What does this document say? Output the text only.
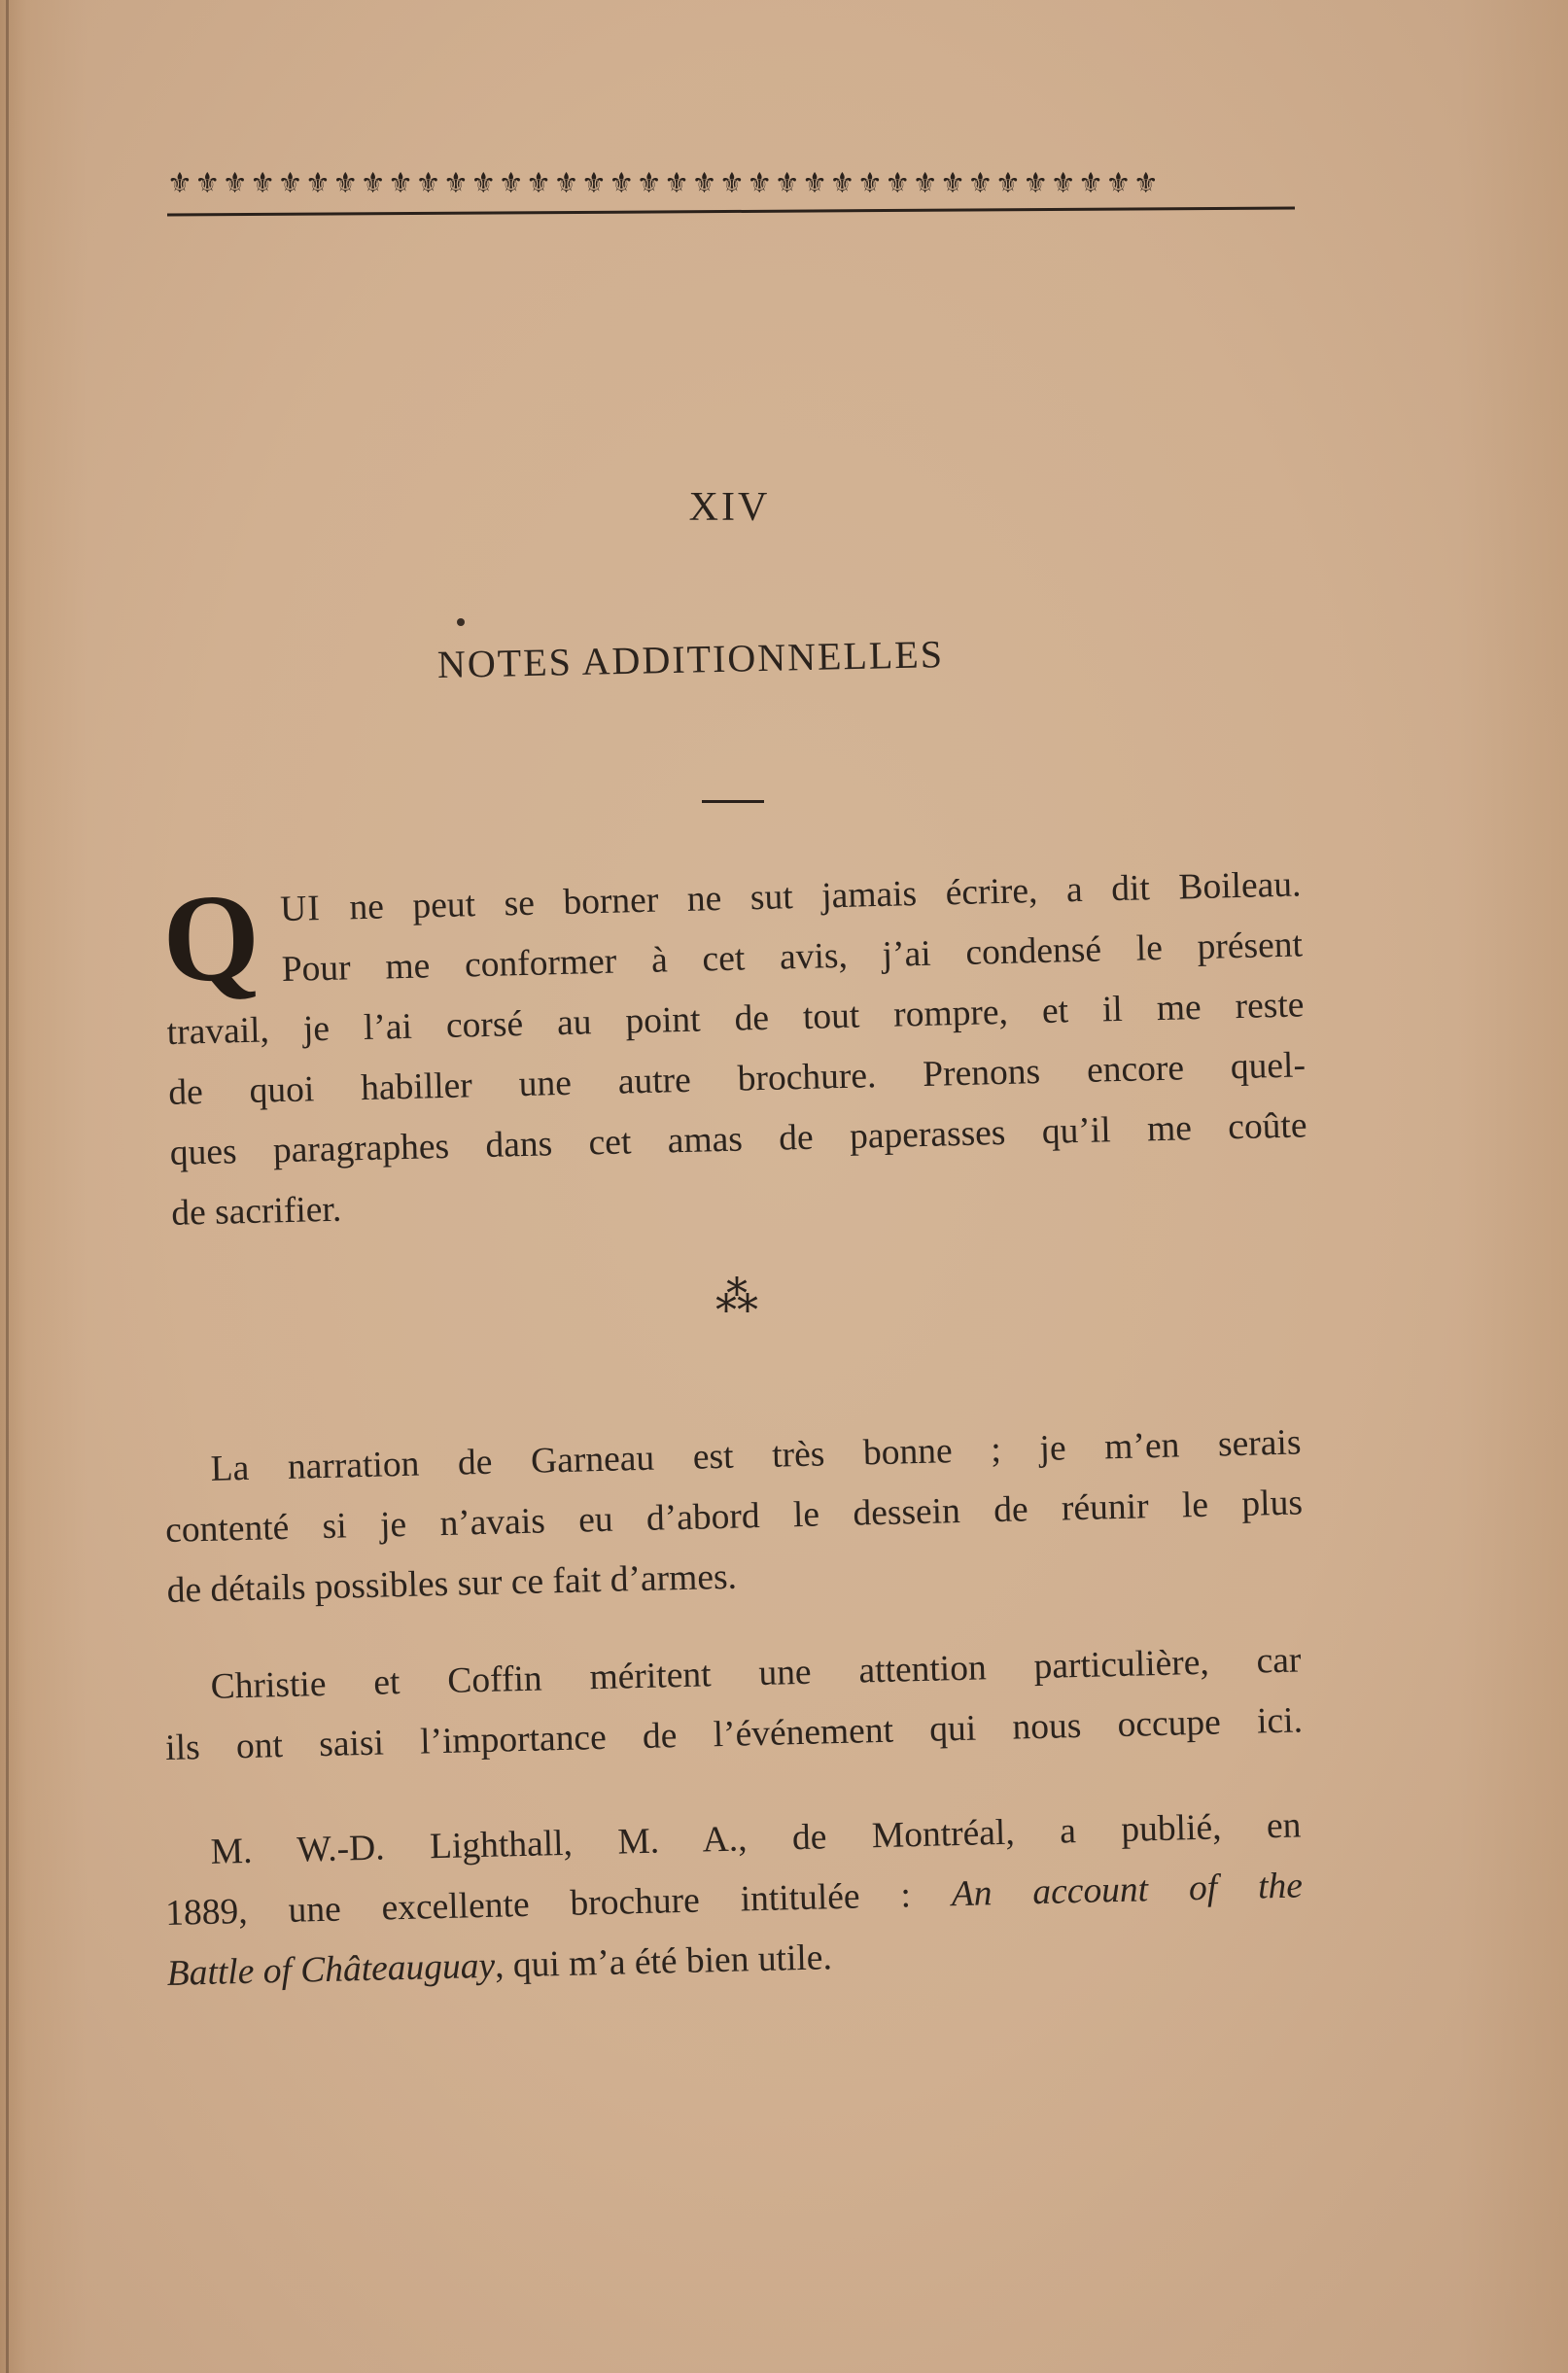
⚜⚜⚜⚜⚜⚜⚜⚜⚜⚜⚜⚜⚜⚜⚜⚜⚜⚜⚜⚜⚜⚜⚜⚜⚜⚜⚜⚜⚜⚜⚜⚜⚜⚜⚜⚜
XIV
NOTES ADDITIONNELLES
Q UI ne peut se borner ne sut jamais écrire, a dit Boileau.
Pour me conformer à cet avis, j’ai condensé le présent
travail, je l’ai corsé au point de tout rompre, et il me reste
de quoi habiller une autre brochure. Prenons encore quel-
ques paragraphes dans cet amas de paperasses qu’il me coûte
de sacrifier.
⁂
La narration de Garneau est très bonne ; je m’en serais
contenté si je n’avais eu d’abord le dessein de réunir le plus
de détails possibles sur ce fait d’armes.
Christie et Coffin méritent une attention particulière, car
ils ont saisi l’importance de l’événement qui nous occupe ici.
M. W.-D. Lighthall, M. A., de Montréal, a publié, en
1889, une excellente brochure intitulée : An account of the
Battle of Châteauguay, qui m’a été bien utile.
